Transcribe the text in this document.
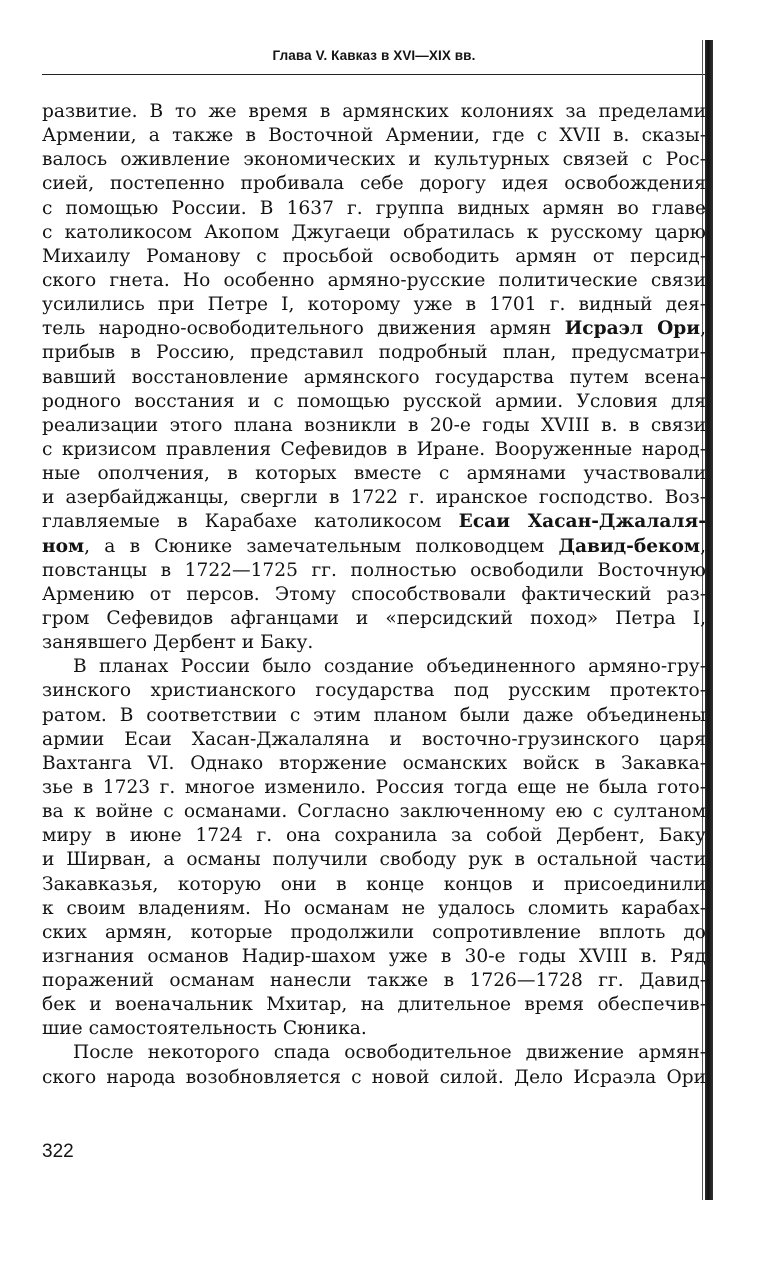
Глава V. Кавказ в XVI—XIX вв.
развитие. В то же время в армянских колониях за пределами
Армении, а также в Восточной Армении, где с XVII в. сказы-
валось оживление экономических и культурных связей с Рос-
сией, постепенно пробивала себе дорогу идея освобождения
с помощью России. В 1637 г. группа видных армян во главе
с католикосом Акопом Джугаеци обратилась к русскому царю
Михаилу Романову с просьбой освободить армян от персид-
ского гнета. Но особенно армяно-русские политические связи
усилились при Петре I, которому уже в 1701 г. видный дея-
тель народно-освободительного движения армян Исраэл Ори,
прибыв в Россию, представил подробный план, предусматри-
вавший восстановление армянского государства путем всена-
родного восстания и с помощью русской армии. Условия для
реализации этого плана возникли в 20-е годы XVIII в. в связи
с кризисом правления Сефевидов в Иране. Вооруженные народ-
ные ополчения, в которых вместе с армянами участвовали
и азербайджанцы, свергли в 1722 г. иранское господство. Воз-
главляемые в Карабахе католикосом Есаи Хасан-Джалаля-
ном, а в Сюнике замечательным полководцем Давид-беком,
повстанцы в 1722—1725 гг. полностью освободили Восточную
Армению от персов. Этому способствовали фактический раз-
гром Сефевидов афганцами и «персидский поход» Петра I,
занявшего Дербент и Баку.
В планах России было создание объединенного армяно-гру-
зинского христианского государства под русским протекто-
ратом. В соответствии с этим планом были даже объединены
армии Есаи Хасан-Джалаляна и восточно-грузинского царя
Вахтанга VI. Однако вторжение османских войск в Закавка-
зье в 1723 г. многое изменило. Россия тогда еще не была гото-
ва к войне с османами. Согласно заключенному ею с султаном
миру в июне 1724 г. она сохранила за собой Дербент, Баку
и Ширван, а османы получили свободу рук в остальной части
Закавказья, которую они в конце концов и присоединили
к своим владениям. Но османам не удалось сломить карабах-
ских армян, которые продолжили сопротивление вплоть до
изгнания османов Надир-шахом уже в 30-е годы XVIII в. Ряд
поражений османам нанесли также в 1726—1728 гг. Давид-
бек и военачальник Мхитар, на длительное время обеспечив-
шие самостоятельность Сюника.
После некоторого спада освободительное движение армян-
ского народа возобновляется с новой силой. Дело Исраэла Ори
322
